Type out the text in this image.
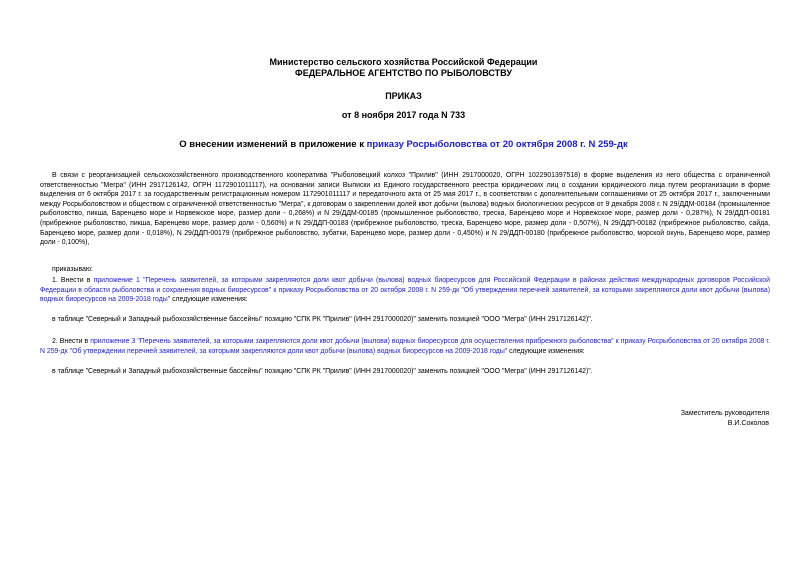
Министерство сельского хозяйства Российской Федерации
ФЕДЕРАЛЬНОЕ АГЕНТСТВО ПО РЫБОЛОВСТВУ
ПРИКАЗ
от 8 ноября 2017 года N 733
О внесении изменений в приложение к приказу Росрыболовства от 20 октября 2008 г. N 259-дк
В связи с реорганизацией сельскохозяйственного производственного кооператива "Рыболовецкий колхоз "Прилив" (ИНН 2917000020, ОГРН 1022901397518) в форме выделения из него общества с ограниченной ответственностью "Мегра" (ИНН 2917126142, ОГРН 1172901011117), на основании записи Выписки из Единого государственного реестра юридических лиц о создании юридического лица путем реорганизации в форме выделения от 6 октября 2017 г. за государственным регистрационным номером 1172901011117 и передаточного акта от 25 мая 2017 г., в соответствии с дополнительными соглашениями от 25 октября 2017 г., заключенными между Росрыболовством и обществом с ограниченной ответственностью "Мегра", к договорам о закреплении долей квот добычи (вылова) водных биологических ресурсов от 9 декабря 2008 г. N 29/ДДМ-00184 (промышленное рыболовство, пикша, Баренцево море и Норвежское море, размер доли - 0,268%) и N 29/ДДМ-00185 (промышленное рыболовство, треска, Баренцево море и Норвежское море, размер доли - 0,287%), N 29/ДДП-00181 (прибрежное рыболовство, пикша, Баренцево море, размер доли - 0,560%) и N 29/ДДП-00183 (прибрежное рыболовство, треска, Баренцево море, размер доли - 0,507%), N 29/ДДП-00182 (прибрежное рыболовство, сайда, Баренцево море, размер доли - 0,018%), N 29/ДДП-00179 (прибрежное рыболовство, зубатки, Баренцево море, размер доли - 0,450%) и N 29/ДДП-00180 (прибрежное рыболовство, морской окунь, Баренцево море, размер доли - 0,100%),
приказываю:
1. Внести в приложение 1 "Перечень заявителей, за которыми закрепляются доли квот добычи (вылова) водных биоресурсов для Российской Федерации в районах действия международных договоров Российской Федерации в области рыболовства и сохранения водных биоресурсов" к приказу Росрыболовства от 20 октября 2008 г. N 259-дк "Об утверждении перечней заявителей, за которыми закрепляются доли квот добычи (вылова) водных биоресурсов на 2009-2018 годы" следующие изменения:
в таблице "Северный и Западный рыбохозяйственные бассейны" позицию "СПК РК "Прилив" (ИНН 2917000020)" заменить позицией "ООО "Мегра" (ИНН 2917126142)".
2. Внести в приложение 3 "Перечень заявителей, за которыми закрепляются доли квот добычи (вылова) водных биоресурсов для осуществления прибрежного рыболовства" к приказу Росрыболовства от 20 октября 2008 г. N 259-дк "Об утверждении перечней заявителей, за которыми закрепляются доли квот добычи (вылова) водных биоресурсов на 2009-2018 годы" следующие изменения:
в таблице "Северный и Западный рыбохозяйственные бассейны" позицию "СПК РК "Прилив" (ИНН 2917000020)" заменить позицией "ООО "Мегра" (ИНН 2917126142)".
Заместитель руководителя
В.И.Соколов
